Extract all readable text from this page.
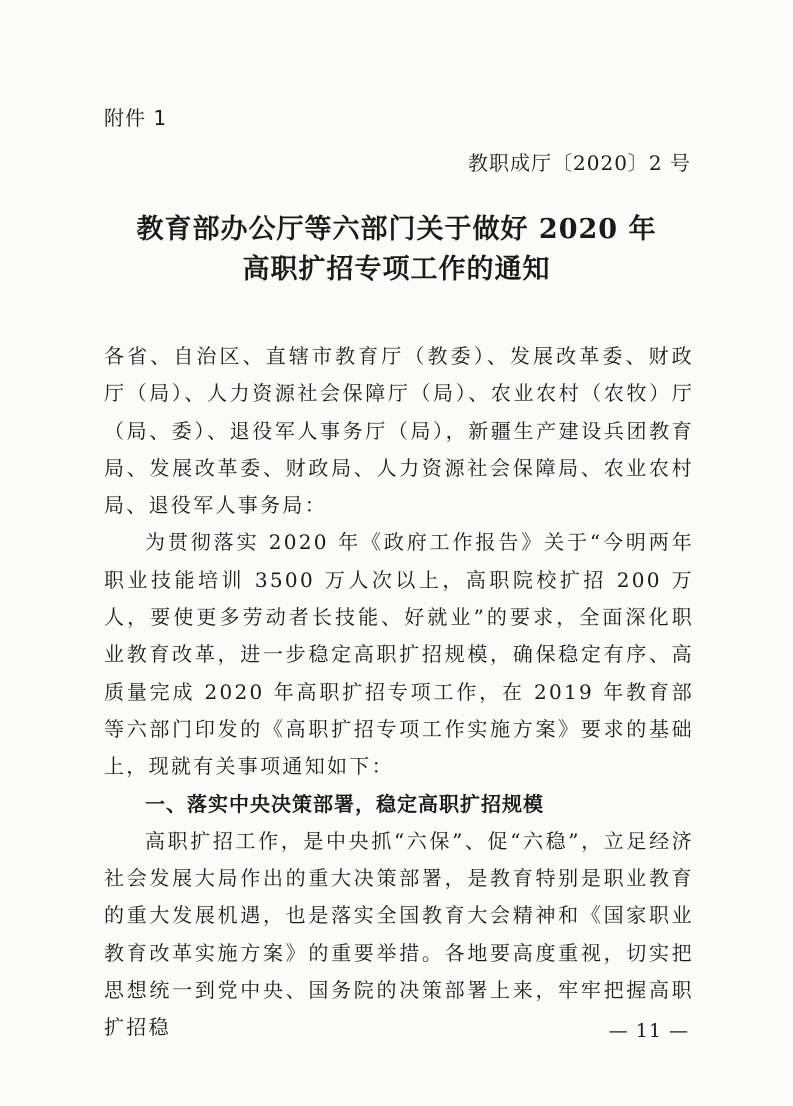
附件 1
教职成厅〔2020〕2 号
教育部办公厅等六部门关于做好 2020 年
高职扩招专项工作的通知

各省、自治区、直辖市教育厅（教委）、发展改革委、财政厅（局）、人力资源社会保障厅（局）、农业农村（农牧）厅（局、委）、退役军人事务厅（局），新疆生产建设兵团教育局、发展改革委、财政局、人力资源社会保障局、农业农村局、退役军人事务局：

为贯彻落实 2020 年《政府工作报告》关于“今明两年职业技能培训 3500 万人次以上，高职院校扩招 200 万人，要使更多劳动者长技能、好就业”的要求，全面深化职业教育改革，进一步稳定高职扩招规模，确保稳定有序、高质量完成 2020 年高职扩招专项工作，在 2019 年教育部等六部门印发的《高职扩招专项工作实施方案》要求的基础上，现就有关事项通知如下：

一、落实中央决策部署，稳定高职扩招规模

高职扩招工作，是中央抓“六保”、促“六稳”，立足经济社会发展大局作出的重大决策部署，是教育特别是职业教育的重大发展机遇，也是落实全国教育大会精神和《国家职业教育改革实施方案》的重要举措。各地要高度重视，切实把思想统一到党中央、国务院的决策部署上来，牢牢把握高职扩招稳	— 11 —
